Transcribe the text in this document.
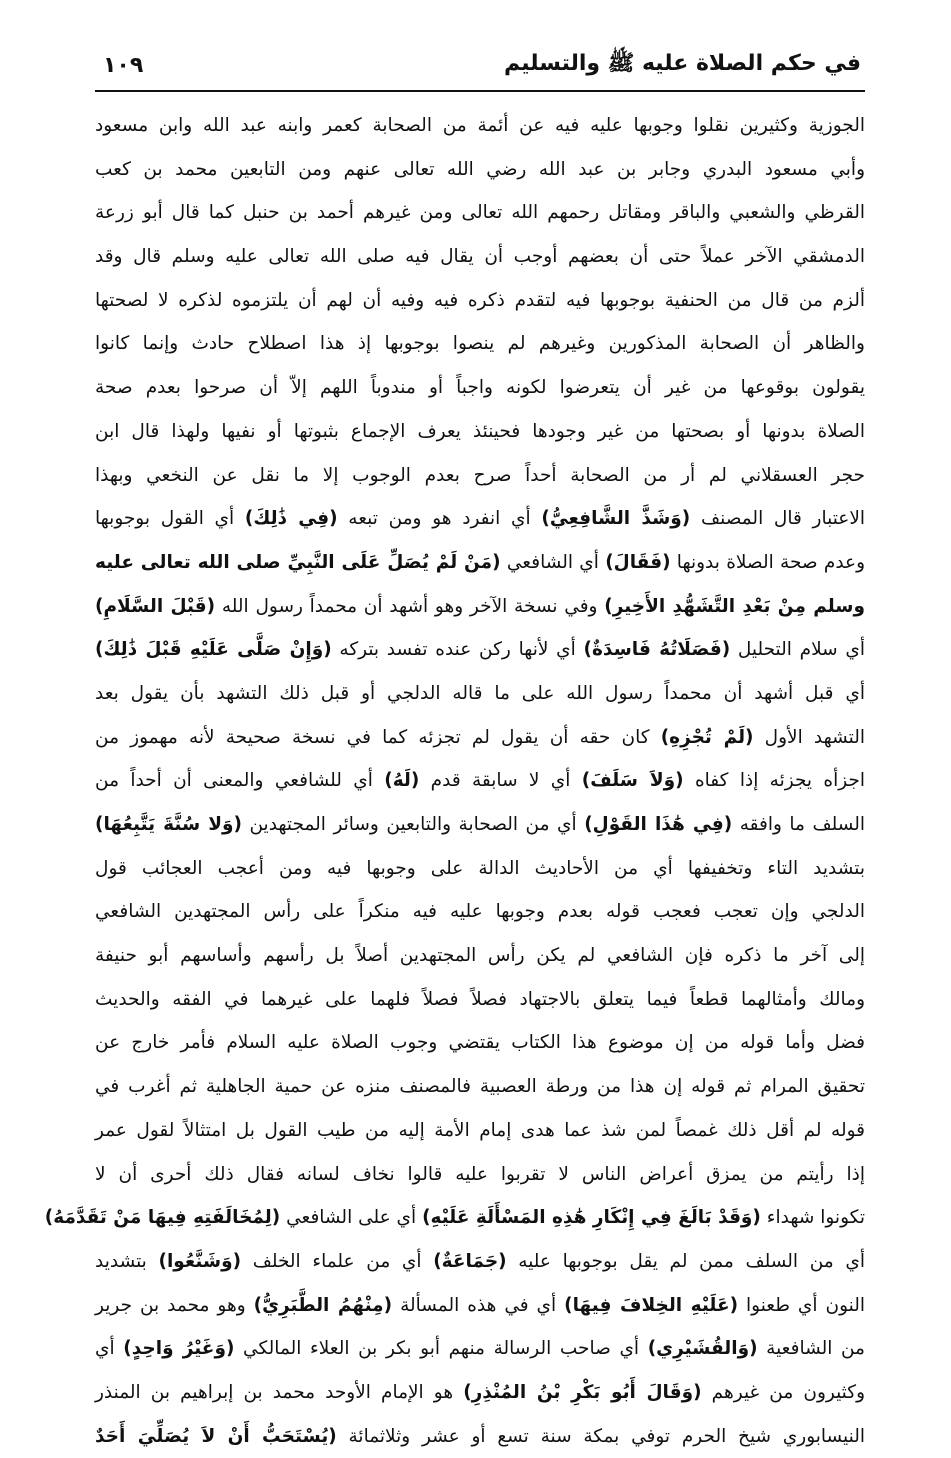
في حكم الصلاة عليه ﷺ والتسليم
١٠٩
الجوزية وكثيرين نقلوا وجوبها عليه فيه عن أئمة من الصحابة كعمر وابنه عبد الله وابن مسعود
وأبي مسعود البدري وجابر بن عبد الله رضي الله تعالى عنهم ومن التابعين محمد بن كعب
القرظي والشعبي والباقر ومقاتل رحمهم الله تعالى ومن غيرهم أحمد بن حنبل كما قال أبو زرعة
الدمشقي الآخر عملاً حتى أن بعضهم أوجب أن يقال فيه صلى الله تعالى عليه وسلم قال وقد
ألزم من قال من الحنفية بوجوبها فيه لتقدم ذكره فيه وفيه أن لهم أن يلتزموه لذكره لا لصحتها
والظاهر أن الصحابة المذكورين وغيرهم لم ينصوا بوجوبها إذ هذا اصطلاح حادث وإنما كانوا
يقولون بوقوعها من غير أن يتعرضوا لكونه واجباً أو مندوباً اللهم إلاّ أن صرحوا بعدم صحة
الصلاة بدونها أو بصحتها من غير وجودها فحينئذ يعرف الإجماع بثبوتها أو نفيها ولهذا قال ابن
حجر العسقلاني لم أر من الصحابة أحداً صرح بعدم الوجوب إلا ما نقل عن النخعي وبهذا
الاعتبار قال المصنف (وَشَذَّ الشَّافِعِيُّ) أي انفرد هو ومن تبعه (فِي ذَٰلِكَ) أي القول بوجوبها
وعدم صحة الصلاة بدونها (فَقَالَ) أي الشافعي (مَنْ لَمْ يُصَلِّ عَلَى النَّبِيِّ صلى الله تعالى عليه
وسلم مِنْ بَعْدِ التَّشَهُّدِ الأَخِيرِ) وفي نسخة الآخر وهو أشهد أن محمداً رسول الله (قَبْلَ السَّلَامِ)
أي سلام التحليل (فَصَلَاتُهُ فَاسِدَةٌ) أي لأنها ركن عنده تفسد بتركه (وَإِنْ صَلَّى عَلَيْهِ قَبْلَ ذَٰلِكَ)
أي قبل أشهد أن محمداً رسول الله على ما قاله الدلجي أو قبل ذلك التشهد بأن يقول بعد
التشهد الأول (لَمْ تُجْزِهِ) كان حقه أن يقول لم تجزئه كما في نسخة صحيحة لأنه مهموز من
اجزأه يجزئه إذا كفاه (وَلاَ سَلَفَ) أي لا سابقة قدم (لَهُ) أي للشافعي والمعنى أن أحداً من
السلف ما وافقه (فِي هَٰذَا القَوْلِ) أي من الصحابة والتابعين وسائر المجتهدين (وَلا سُنَّةَ يَتَّبِعُهَا)
بتشديد التاء وتخفيفها أي من الأحاديث الدالة على وجوبها فيه ومن أعجب العجائب قول
الدلجي وإن تعجب فعجب قوله بعدم وجوبها عليه فيه منكراً على رأس المجتهدين الشافعي
إلى آخر ما ذكره فإن الشافعي لم يكن رأس المجتهدين أصلاً بل رأسهم وأساسهم أبو حنيفة
ومالك وأمثالهما قطعاً فيما يتعلق بالاجتهاد فصلاً فصلاً فلهما على غيرهما في الفقه والحديث
فضل وأما قوله من إن موضوع هذا الكتاب يقتضي وجوب الصلاة عليه السلام فأمر خارج عن
تحقيق المرام ثم قوله إن هذا من ورطة العصبية فالمصنف منزه عن حمية الجاهلية ثم أغرب في
قوله لم أقل ذلك غمصاً لمن شذ عما هدى إمام الأمة إليه من طيب القول بل امتثالاً لقول عمر
إذا رأيتم من يمزق أعراض الناس لا تقربوا عليه قالوا نخاف لسانه فقال ذلك أحرى أن لا
تكونوا شهداء (وَقَدْ بَالَغَ فِي إِنْكَارِ هَٰذِهِ المَسْأَلَةِ عَلَيْهِ) أي على الشافعي (لِمُخَالَفَتِهِ فِيهَا مَنْ تَقَدَّمَهُ)
أي من السلف ممن لم يقل بوجوبها عليه (جَمَاعَةٌ) أي من علماء الخلف (وَشَنَّعُوا) بتشديد
النون أي طعنوا (عَلَيْهِ الخِلافَ فِيهَا) أي في هذه المسألة (مِنْهُمُ الطَّبَرِيُّ) وهو محمد بن جرير
من الشافعية (وَالقُشَيْرِي) أي صاحب الرسالة منهم أبو بكر بن العلاء المالكي (وَغَيْرُ وَاحِدٍ) أي
وكثيرون من غيرهم (وَقَالَ أَبُو بَكْرِ بْنُ المُنْذِرِ) هو الإمام الأوحد محمد بن إبراهيم بن المنذر
النيسابوري شيخ الحرم توفي بمكة سنة تسع أو عشر وثلاثمائة (يُسْتَحَبُّ أَنْ لاَ يُصَلِّيَ أَحَدٌ
